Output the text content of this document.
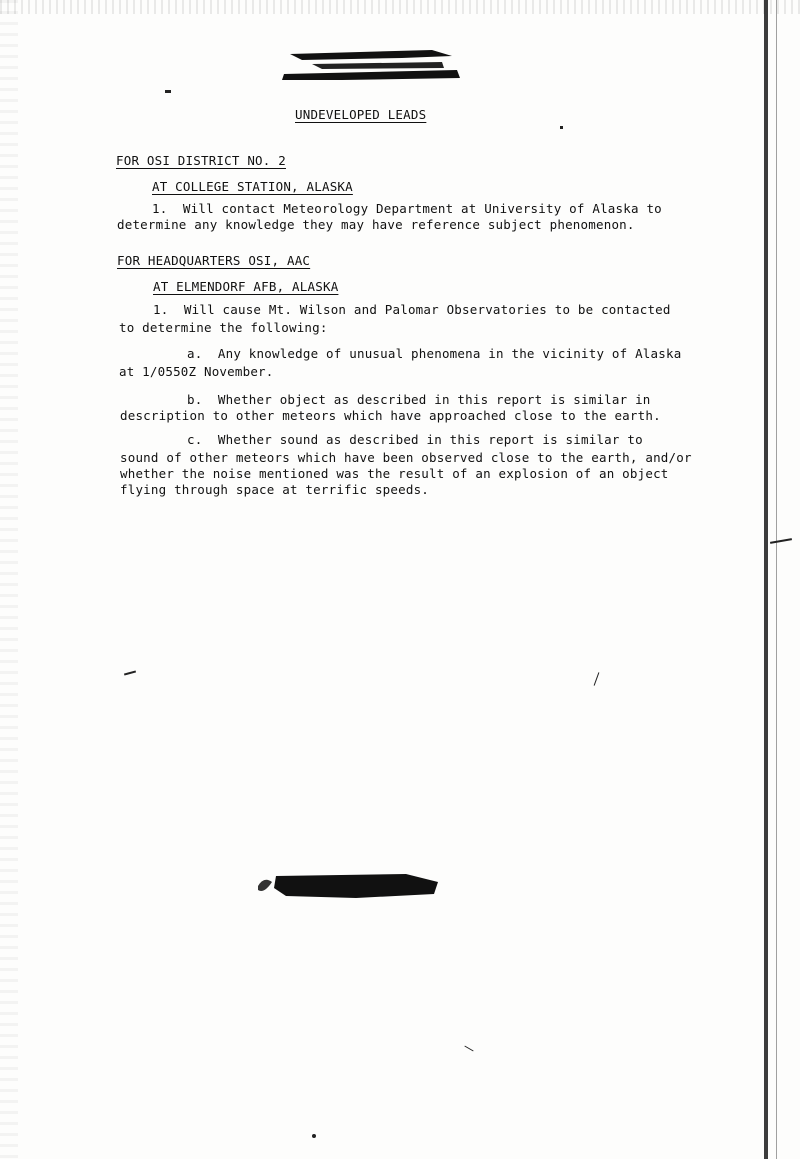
UNDEVELOPED LEADS
FOR OSI DISTRICT NO. 2
AT COLLEGE STATION, ALASKA
1.  Will contact Meteorology Department at University of Alaska to
determine any knowledge they may have reference subject phenomenon.
FOR HEADQUARTERS OSI, AAC
AT ELMENDORF AFB, ALASKA
1.  Will cause Mt. Wilson and Palomar Observatories to be contacted
to determine the following:
a.  Any knowledge of unusual phenomena in the vicinity of Alaska
at 1/0550Z November.
b.  Whether object as described in this report is similar in
description to other meteors which have approached close to the earth.
c.  Whether sound as described in this report is similar to
sound of other meteors which have been observed close to the earth, and/or
whether the noise mentioned was the result of an explosion of an object
flying through space at terrific speeds.
